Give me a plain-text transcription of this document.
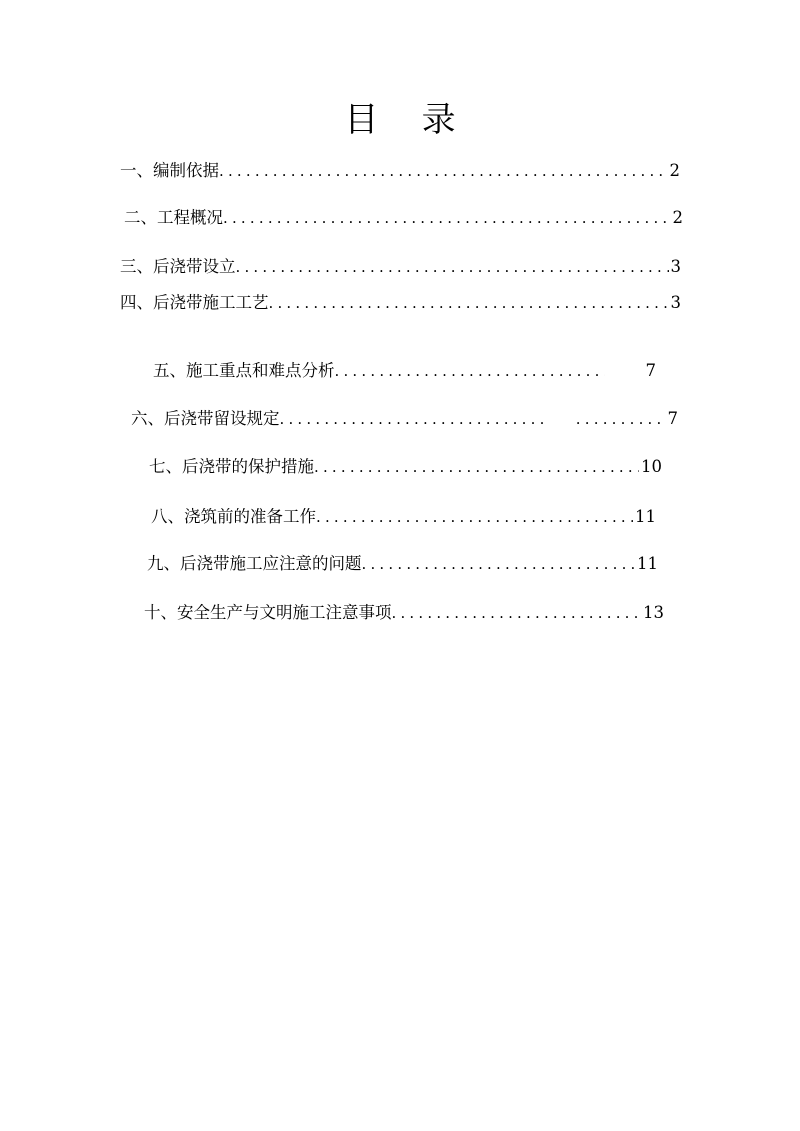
目    录
一、编制依据 .....	2
二、工程概况 .....	2
三、后浇带设立 .....	3
四、后浇带施工工艺 .....	3
五、施工重点和难点分析 .....	7
六、后浇带留设规定 ..... .....	7
七、后浇带的保护措施 .....	10
八、浇筑前的准备工作 .....	11
九、后浇带施工应注意的问题 .....	11
十、安全生产与文明施工注意事项 .....	13
